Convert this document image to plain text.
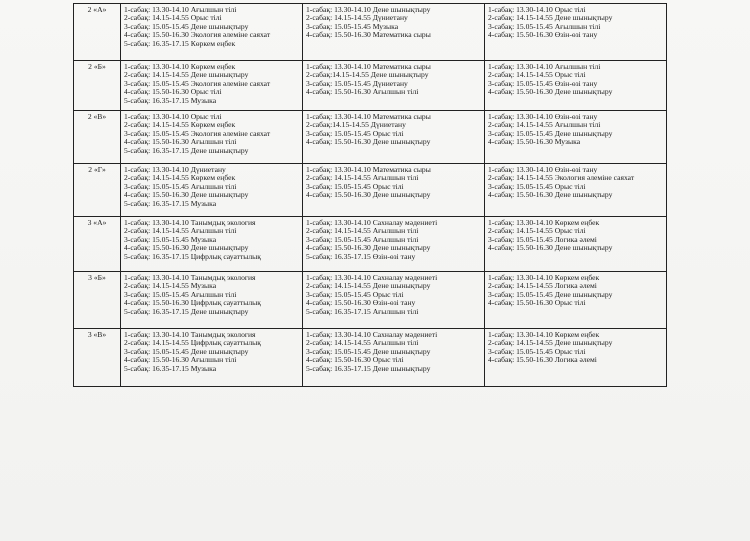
2 «А»	1-сабақ: 13.30-14.10 Ағылшын тілі
2-сабақ: 14.15-14.55 Орыс тілі
3-сабақ: 15.05-15.45 Дене шынықтыру
4-сабақ: 15.50-16.30 Экология әлеміне саяхат
5-сабақ: 16.35-17.15 Көркем еңбек	1-сабақ: 13.30-14.10 Дене шынықтыру
2-сабақ: 14.15-14.55 Дүниетану
3-сабақ: 15.05-15.45 Музыка
4-сабақ: 15.50-16.30 Математика сыры	1-сабақ: 13.30-14.10 Орыс тілі
2-сабақ: 14.15-14.55 Дене шынықтыру
3-сабақ: 15.05-15.45 Ағылшын тілі
4-сабақ: 15.50-16.30 Өзін-өзі тану

2 «Б»	1-сабақ: 13.30-14.10 Көркем еңбек
2-сабақ: 14.15-14.55 Дене шынықтыру
3-сабақ: 15.05-15.45 Экология әлеміне саяхат
4-сабақ: 15.50-16.30 Орыс тілі
5-сабақ: 16.35-17.15 Музыка	1-сабақ: 13.30-14.10 Математика сыры
2-сабақ:14.15-14.55 Дене шынықтыру
3-сабақ: 15.05-15.45 Дүниетану
4-сабақ: 15.50-16.30 Ағылшын тілі	1-сабақ: 13.30-14.10 Ағылшын тілі
2-сабақ: 14.15-14.55 Орыс тілі
3-сабақ: 15.05-15.45 Өзін-өзі тану
4-сабақ: 15.50-16.30 Дене шынықтыру

2 «В»	1-сабақ: 13.30-14.10 Орыс тілі
2-сабақ: 14.15-14.55 Көркем еңбек
3-сабақ: 15.05-15.45 Экология әлеміне саяхат
4-сабақ: 15.50-16.30 Ағылшын тілі
5-сабақ: 16.35-17.15 Дене шынықтыру	1-сабақ: 13.30-14.10 Математика сыры
2-сабақ:14.15-14.55 Дүниетану
3-сабақ: 15.05-15.45 Орыс тілі
4-сабақ: 15.50-16.30 Дене шынықтыру	1-сабақ: 13.30-14.10 Өзін-өзі тану
2-сабақ: 14.15-14.55 Ағылшын тілі
3-сабақ: 15.05-15.45 Дене шынықтыру
4-сабақ: 15.50-16.30 Музыка

2 «Г»	1-сабақ: 13.30-14.10 Дүниетану
2-сабақ: 14.15-14.55 Көркем еңбек
3-сабақ: 15.05-15.45 Ағылшын тілі
4-сабақ: 15.50-16.30 Дене шынықтыру
5-сабақ: 16.35-17.15 Музыка	1-сабақ: 13.30-14.10 Математика сыры
2-сабақ: 14.15-14.55 Ағылшын тілі
3-сабақ: 15.05-15.45 Орыс тілі
4-сабақ: 15.50-16.30 Дене шынықтыру	1-сабақ: 13.30-14.10 Өзін-өзі тану
2-сабақ: 14.15-14.55 Экология әлеміне саяхат
3-сабақ: 15.05-15.45 Орыс тілі
4-сабақ: 15.50-16.30 Дене шынықтыру

3 «А»	1-сабақ: 13.30-14.10 Танымдық экология
2-сабақ: 14.15-14.55 Ағылшын тілі
3-сабақ: 15.05-15.45 Музыка
4-сабақ: 15.50-16.30 Дене шынықтыру
5-сабақ: 16.35-17.15 Цифрлық сауаттылық	1-сабақ: 13.30-14.10 Сахналау мәдениеті
2-сабақ: 14.15-14.55 Ағылшын тілі
3-сабақ: 15.05-15.45 Ағылшын тілі
4-сабақ: 15.50-16.30 Дене шынықтыру
5-сабақ: 16.35-17.15 Өзін-өзі тану	1-сабақ: 13.30-14.10 Көркем еңбек
2-сабақ: 14.15-14.55 Орыс тілі
3-сабақ: 15.05-15.45 Логика әлемі
4-сабақ: 15.50-16.30 Дене шынықтыру

3 «Б»	1-сабақ: 13.30-14.10 Танымдық экология
2-сабақ: 14.15-14.55 Музыка
3-сабақ: 15.05-15.45 Ағылшын тілі
4-сабақ: 15.50-16.30 Цифрлық сауаттылық
5-сабақ: 16.35-17.15 Дене шынықтыру	1-сабақ: 13.30-14.10 Сахналау мәдениеті
2-сабақ: 14.15-14.55 Дене шынықтыру
3-сабақ: 15.05-15.45 Орыс тілі
4-сабақ: 15.50-16.30 Өзін-өзі тану
5-сабақ: 16.35-17.15 Ағылшын тілі	1-сабақ: 13.30-14.10 Көркем еңбек
2-сабақ: 14.15-14.55 Логика әлемі
3-сабақ: 15.05-15.45 Дене шынықтыру
4-сабақ: 15.50-16.30 Орыс тілі

3 «В»	1-сабақ: 13.30-14.10 Танымдық экология
2-сабақ: 14.15-14.55 Цифрлық сауаттылық
3-сабақ: 15.05-15.45 Дене шынықтыру
4-сабақ: 15.50-16.30 Ағылшын тілі
5-сабақ: 16.35-17.15 Музыка	1-сабақ: 13.30-14.10 Сахналау мәдениеті
2-сабақ: 14.15-14.55 Ағылшын тілі
3-сабақ: 15.05-15.45 Дене шынықтыру
4-сабақ: 15.50-16.30 Орыс тілі
5-сабақ: 16.35-17.15 Дене шынықтыру	1-сабақ: 13.30-14.10 Көркем еңбек
2-сабақ: 14.15-14.55 Дене шынықтыру
3-сабақ: 15.05-15.45 Орыс тілі
4-сабақ: 15.50-16.30 Логика әлемі
